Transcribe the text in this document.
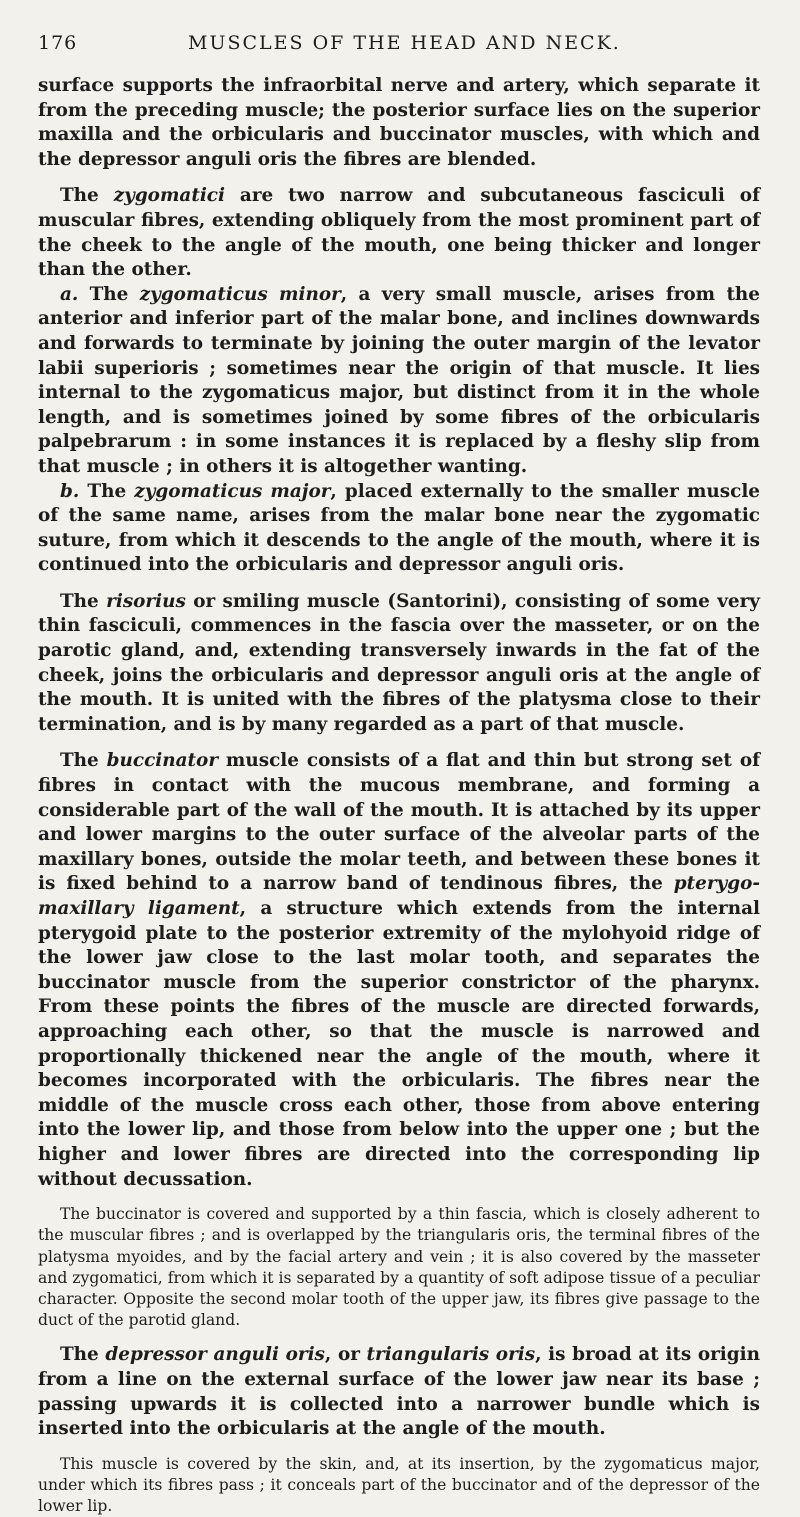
176	MUSCLES OF THE HEAD AND NECK.

surface supports the infraorbital nerve and artery, which separate it from the preceding muscle; the posterior surface lies on the superior maxilla and the orbicularis and buccinator muscles, with which and the depressor anguli oris the fibres are blended.

The zygomatici are two narrow and subcutaneous fasciculi of muscular fibres, extending obliquely from the most prominent part of the cheek to the angle of the mouth, one being thicker and longer than the other.

a. The zygomaticus minor, a very small muscle, arises from the anterior and inferior part of the malar bone, and inclines downwards and forwards to terminate by joining the outer margin of the levator labii superioris ; sometimes near the origin of that muscle. It lies internal to the zygomaticus major, but distinct from it in the whole length, and is sometimes joined by some fibres of the orbicularis palpebrarum : in some instances it is replaced by a fleshy slip from that muscle ; in others it is altogether wanting.

b. The zygomaticus major, placed externally to the smaller muscle of the same name, arises from the malar bone near the zygomatic suture, from which it descends to the angle of the mouth, where it is continued into the orbicularis and depressor anguli oris.

The risorius or smiling muscle (Santorini), consisting of some very thin fasciculi, commences in the fascia over the masseter, or on the parotic gland, and, extending transversely inwards in the fat of the cheek, joins the orbicularis and depressor anguli oris at the angle of the mouth. It is united with the fibres of the platysma close to their termination, and is by many regarded as a part of that muscle.

The buccinator muscle consists of a flat and thin but strong set of fibres in contact with the mucous membrane, and forming a considerable part of the wall of the mouth. It is attached by its upper and lower margins to the outer surface of the alveolar parts of the maxillary bones, outside the molar teeth, and between these bones it is fixed behind to a narrow band of tendinous fibres, the pterygo-maxillary ligament, a structure which extends from the internal pterygoid plate to the posterior extremity of the mylohyoid ridge of the lower jaw close to the last molar tooth, and separates the buccinator muscle from the superior constrictor of the pharynx. From these points the fibres of the muscle are directed forwards, approaching each other, so that the muscle is narrowed and proportionally thickened near the angle of the mouth, where it becomes incorporated with the orbicularis. The fibres near the middle of the muscle cross each other, those from above entering into the lower lip, and those from below into the upper one ; but the higher and lower fibres are directed into the corresponding lip without decussation.

The buccinator is covered and supported by a thin fascia, which is closely adherent to the muscular fibres ; and is overlapped by the triangularis oris, the terminal fibres of the platysma myoides, and by the facial artery and vein ; it is also covered by the masseter and zygomatici, from which it is separated by a quantity of soft adipose tissue of a peculiar character. Opposite the second molar tooth of the upper jaw, its fibres give passage to the duct of the parotid gland.

The depressor anguli oris, or triangularis oris, is broad at its origin from a line on the external surface of the lower jaw near its base ; passing upwards it is collected into a narrower bundle which is inserted into the orbicularis at the angle of the mouth.

This muscle is covered by the skin, and, at its insertion, by the zygomaticus major, under which its fibres pass ; it conceals part of the buccinator and of the depressor of the lower lip.
